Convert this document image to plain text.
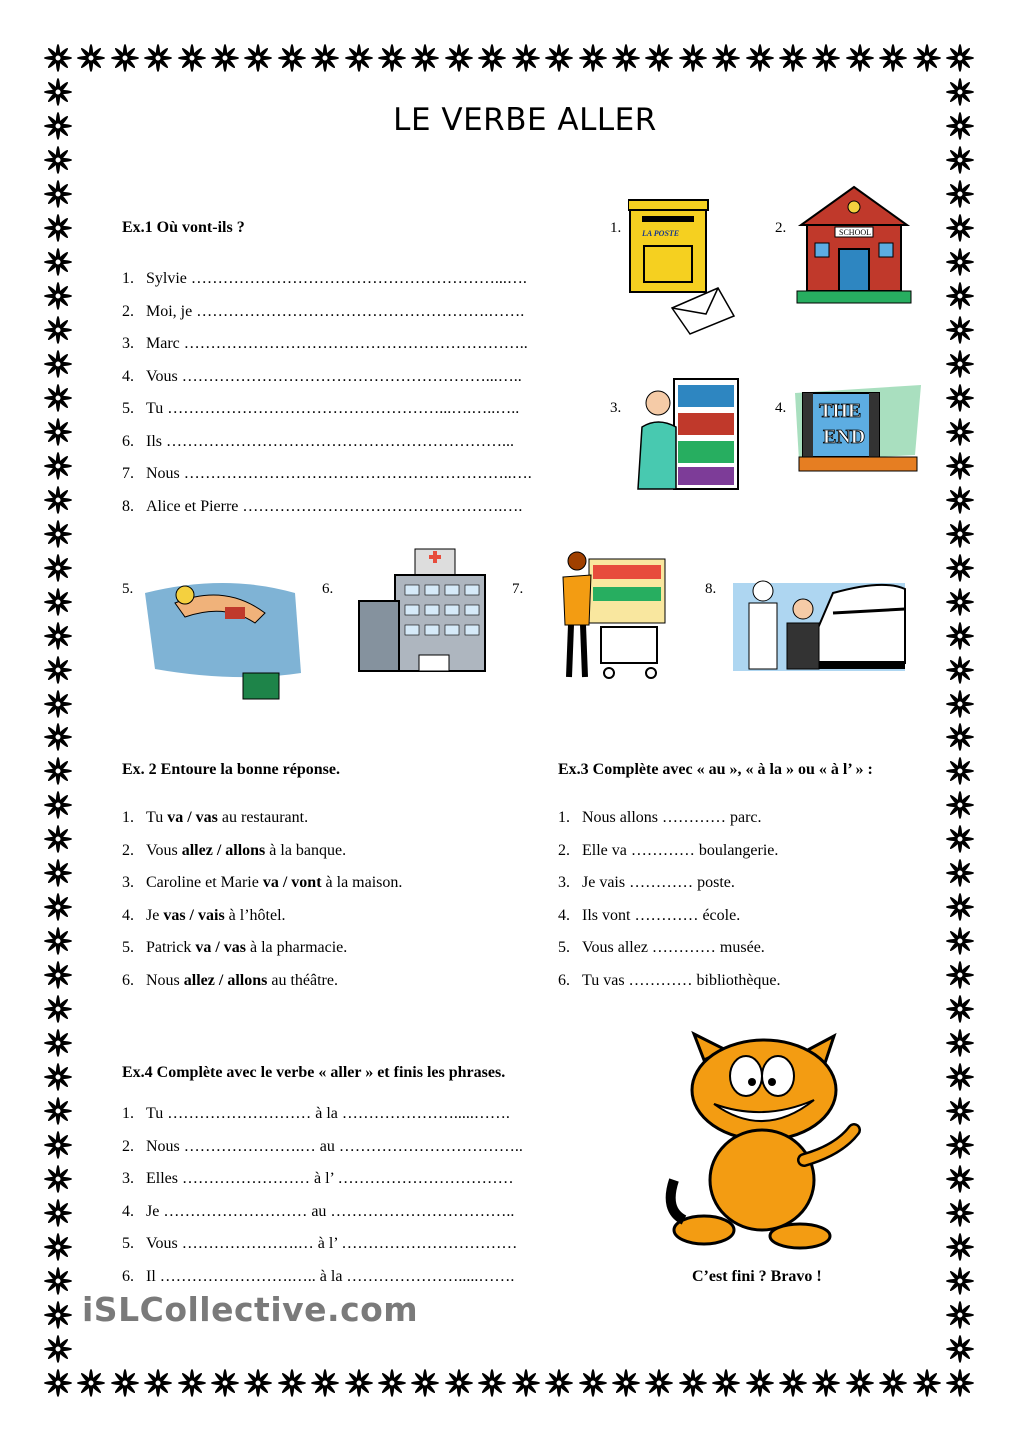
LE VERBE ALLER
Ex.1 Où vont-ils ?
1. Sylvie …………………………………………………...….
2. Moi, je ……………………………………………….…….
3. Marc ………………………………………………………..
4. Vous …………………………………………………...…..
5. Tu ……………………………………………...….…..…..
6. Ils ………………………………………………………...
7. Nous ……………………………………………………..….
8. Alice et Pierre ………………………………………….….
1.	2.
3.	4.
5.	6.	7.	8.
LA POSTE	SCHOOL
THE
END
Ex. 2 Entoure la bonne réponse.
1. Tu va / vas au restaurant.
2. Vous allez / allons à la banque.
3. Caroline et Marie va / vont à la maison.
4. Je vas / vais à l’hôtel.
5. Patrick va / vas à la pharmacie.
6. Nous allez / allons au théâtre.
Ex.3 Complète avec « au », « à la » ou « à l’ » :
1. Nous allons ………… parc.
2. Elle va ………… boulangerie.
3. Je vais ………… poste.
4. Ils vont ………… école.
5. Vous allez ………… musée.
6. Tu vas ………… bibliothèque.
Ex.4 Complète avec le verbe « aller » et finis les phrases.
1. Tu ……………………… à la ………………….....…….
2. Nous ………………….… au ……………………………..
3. Elles …………………… à l’ ……………………………
4. Je ……………………… au ……………………………..
5. Vous ………………….… à l’ ……………………………
6. Il …………………….….. à la ………………….....…….	C’est fini ? Bravo !
iSLCollective.com
